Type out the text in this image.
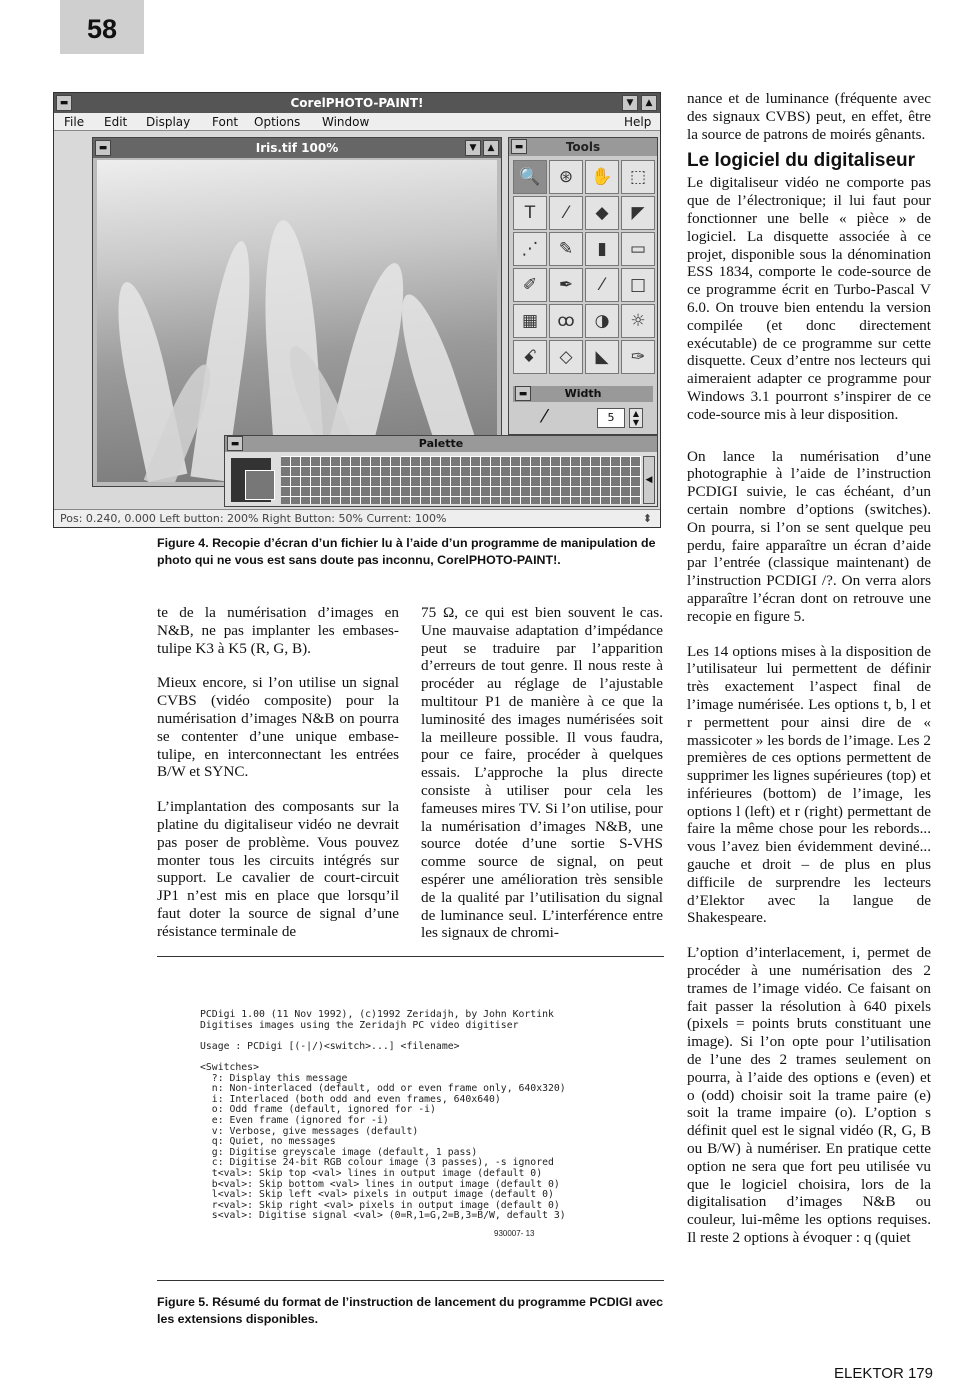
58
▬	CorelPHOTO-PAINT!	▼	▲
File Edit Display Font Options Window	Help
▬	Iris.tif 100%	▼	▲	▬	Tools
🔍	⊛	✋	⬚
T	⁄	◆	◤
⋰	✎	▮	▭
✐	✒	⁄	□
▦	ꝏ	◑	☼
ꗃ	◇	◣	✑
▬	Width
⁄	5	▲
▼
▬	Palette
◀
Pos: 0.240, 0.000 Left button: 200% Right Button: 50% Current: 100%	⬍
Figure 4. Recopie d’écran d’un fichier lu à l’aide d’un programme de manipulation de photo qui ne vous est sans doute pas inconnu, CorelPHOTO-PAINT!.

te de la numérisation d’images en N&B, ne pas implanter les embases-tulipe K3 à K5 (R, G, B).

Mieux encore, si l’on utilise un signal CVBS (vidéo composite) pour la numérisation d’images N&B on pourra se contenter d’une unique embase-tulipe, en interconnectant les entrées B/W et SYNC.

L’implantation des composants sur la platine du digitaliseur vidéo ne devrait pas poser de problème. Vous pouvez monter tous les circuits intégrés sur support. Le cavalier de court-circuit JP1 n’est mis en place que lorsqu’il faut doter la source de signal d’une résistance terminale de

75 Ω, ce qui est bien souvent le cas. Une mauvaise adaptation d’impédance peut se traduire par l’apparition d’erreurs de tout genre. Il nous reste à procéder au réglage de l’ajustable multitour P1 de manière à ce que la luminosité des images numérisées soit la meilleure possible. Il vous faudra, pour ce faire, procéder à quelques essais. L’approche la plus directe consiste à utiliser pour cela les fameuses mires TV. Si l’on utilise, pour la numérisation d’images N&B, une source dotée d’une sortie S-VHS comme source de signal, on peut espérer une amélioration très sensible de la qualité par l’utilisation du signal de luminance seul. L’interférence entre les signaux de chromi-

nance et de luminance (fréquente avec des signaux CVBS) peut, en effet, être la source de patrons de moirés gênants.

Le logiciel du digitaliseur

Le digitaliseur vidéo ne comporte pas que de l’électronique; il lui faut pour fonctionner une belle « pièce » de logiciel. La disquette associée à ce projet, disponible sous la dénomination ESS 1834, comporte le code-source de ce programme écrit en Turbo-Pascal V 6.0. On trouve bien entendu la version compilée (et donc directement exécutable) de ce programme sur cette disquette. Ceux d’entre nos lecteurs qui aimeraient adapter ce programme pour Windows 3.1 pourront s’inspirer de ce code-source mis à leur disposition.

On lance la numérisation d’une photographie à l’aide de l’instruction PCDIGI suivie, le cas échéant, d’un certain nombre d’options (switches). On pourra, si l’on se sent quelque peu perdu, faire apparaître un écran d’aide par l’entrée (classique maintenant) de l’instruction PCDIGI /?. On verra alors apparaître l’écran dont on retrouve une recopie en figure 5.

Les 14 options mises à la disposition de l’utilisateur lui permettent de définir très exactement l’aspect final de l’image numérisée. Les options t, b, l et r permettent pour ainsi dire de « massicoter » les bords de l’image. Les 2 premières de ces options permettent de supprimer les lignes supérieures (top) et inférieures (bottom) de l’image, les options l (left) et r (right) permettant de faire la même chose pour les rebords... vous l’avez bien évidemment deviné... gauche et droit – de plus en plus difficile de surprendre les lecteurs d’Elektor avec la langue de Shakespeare.

L’option d’interlacement, i, permet de procéder à une numérisation des 2 trames de l’image vidéo. Ce faisant on fait passer la résolution à 640 pixels (pixels = points bruts constituant une image). Si l’on opte pour l’utilisation de l’une des 2 trames seulement on pourra, à l’aide des options e (even) et o (odd) choisir soit la trame paire (e) soit la trame impaire (o). L’option s définit quel est le signal vidéo (R, G, B ou B/W) à numériser. En pratique cette option ne sera que fort peu utilisée vu que le logiciel choisira, lors de la digitalisation d’images N&B ou couleur, lui-même les options requises. Il reste 2 options à évoquer : q (quiet

PCDigi 1.00 (11 Nov 1992), (c)1992 Zeridajh, by John Kortink
Digitises images using the Zeridajh PC video digitiser

Usage : PCDigi [(-|/)<switch>...] <filename>

<Switches>
?: Display this message
n: Non-interlaced (default, odd or even frame only, 640x320)
i: Interlaced (both odd and even frames, 640x640)
o: Odd frame (default, ignored for -i)
e: Even frame (ignored for -i)
v: Verbose, give messages (default)
q: Quiet, no messages
g: Digitise greyscale image (default, 1 pass)
c: Digitise 24-bit RGB colour image (3 passes), -s ignored
t<val>: Skip top <val> lines in output image (default 0)
b<val>: Skip bottom <val> lines in output image (default 0)
l<val>: Skip left <val> pixels in output image (default 0)
r<val>: Skip right <val> pixels in output image (default 0)
s<val>: Digitise signal <val> (0=R,1=G,2=B,3=B/W, default 3)
930007- 13
Figure 5. Résumé du format de l’instruction de lancement du programme PCDIGI avec les extensions disponibles.
ELEKTOR 179
